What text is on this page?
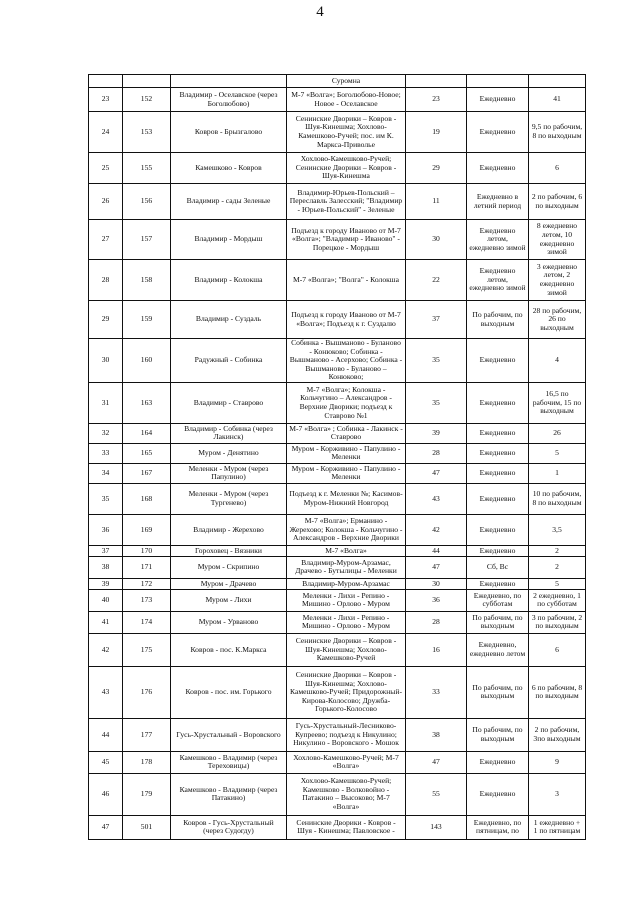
4
			Суромна			
23	152	Владимир - Оселавское (через Боголюбово)	М-7 «Волга»; Боголюбово-Новое; Новое - Оселавское	23	Ежедневно	41
24	153	Ковров - Брызгалово	Сенинские Дворики – Ковров - Шуя-Кинешма; Хохлово-Камешково-Ручей; пос. им К. Маркса-Приволье	19	Ежедневно	9,5 по рабочим, 8 по выходным
25	155	Камешково - Ковров	Хохлово-Камешково-Ручей; Сенинские Дворики – Ковров - Шуя-Кинешма	29	Ежедневно	6
26	156	Владимир - сады Зеленые	Владимир-Юрьев-Польский – Переславль Залесский; "Владимир - Юрьев-Польский" - Зеленые	11	Ежедневно в летний период	2 по рабочим, 6 по выходным
27	157	Владимир - Мордыш	Подъезд к городу Иваново от М-7 «Волга»; "Владимир - Иваново" - Порецкое - Мордыш	30	Ежедневно летом, ежедневно зимой	8 ежедневно летом, 10 ежедневно зимой
28	158	Владимир - Колокша	М-7 «Волга»; "Волга" - Колокша	22	Ежедневно летом, ежедневно зимой	3 ежедневно летом, 2 ежедневно зимой
29	159	Владимир - Суздаль	Подъезд к городу Иваново от М-7 «Волга»; Подъезд к г. Суздалю	37	По рабочим, по выходным	28 по рабочим, 26 по выходным
30	160	Радужный - Собинка	Собинка - Вышманово - Буланово - Конюково; Собинка - Вышманово - Асерхово; Собинка - Вышманово - Буланово – Конюково;	35	Ежедневно	4
31	163	Владимир - Ставрово	М-7 «Волга»; Колокша - Кольчугино – Александров - Верхние Дворики; подъезд к Ставрово №1	35	Ежедневно	16,5 по рабочим, 15 по выходным
32	164	Владимир - Собинка (через Лакинск)	М-7 «Волга» ; Собинка - Лакинск - Ставрово	39	Ежедневно	26
33	165	Муром - Денятино	Муром - Корживино - Папулино - Меленки	28	Ежедневно	5
34	167	Меленки - Муром (через Папулино)	Муром - Корживино - Папулино - Меленки	47	Ежедневно	1
35	168	Меленки - Муром (через Тургенево)	Подъезд к г. Меленки №; Касимов-Муром-Нижний Новгород	43	Ежедневно	10 по рабочим, 8 по выходным
36	169	Владимир - Жерехово	М-7 «Волга»; Ерманино - Жерехово; Колокша - Кольчугино - Александров - Верхние Дворики	42	Ежедневно	3,5
37	170	Гороховец - Вязники	М-7 «Волга»	44	Ежедневно	2
38	171	Муром - Скрипино	Владимир-Муром-Арзамас, Драчево - Бутылицы - Меленки	47	Сб, Вс	2
39	172	Муром - Драчево	Владимир-Муром-Арзамас	30	Ежедневно	5
40	173	Муром - Лихи	Меленки - Лихи - Репино - Мишино - Орлово - Муром	36	Ежедневно, по субботам	2 ежедневно, 1 по субботам
41	174	Муром - Урвановo	Меленки - Лихи - Репино - Мишино - Орлово - Муром	28	По рабочим, по выходным	3 по рабочим, 2 по выходным
42	175	Ковров - пос. К.Маркса	Сенинские Дворики – Ковров - Шуя-Кинешма; Хохлово-Камешково-Ручей	16	Ежедневно, ежедневно летом	6
43	176	Ковров - пос. им. Горького	Сенинские Дворики – Ковров - Шуя-Кинешма; Хохлово-Камешково-Ручей; Придорожный-Кирова-Колосово; Дружба-Горького-Колосово	33	По рабочим, по выходным	6 по рабочим, 8 по выходным
44	177	Гусь-Хрустальный - Воровского	Гусь-Хрустальный-Лесниково-Купреево; подъезд к Никулино; Никулино - Воровского - Мошок	38	По рабочим, по выходным	2 по рабочим, 3по выходным
45	178	Камешково - Владимир (через Тереховицы)	Хохлово-Камешково-Ручей; М-7 «Волга»	47	Ежедневно	9
46	179	Камешково - Владимир (через Патакино)	Хохлово-Камешково-Ручей; Камешково - Волковойно - Патакино – Высоково; М-7 «Волга»	55	Ежедневно	3
47	501	Ковров - Гусь-Хрустальный (через Судогду)	Сенинские Дворики - Ковров - Шуя - Кинешма; Павловское -	143	Ежедневно, по пятницам, по	1 ежедневно + 1 по пятницам
